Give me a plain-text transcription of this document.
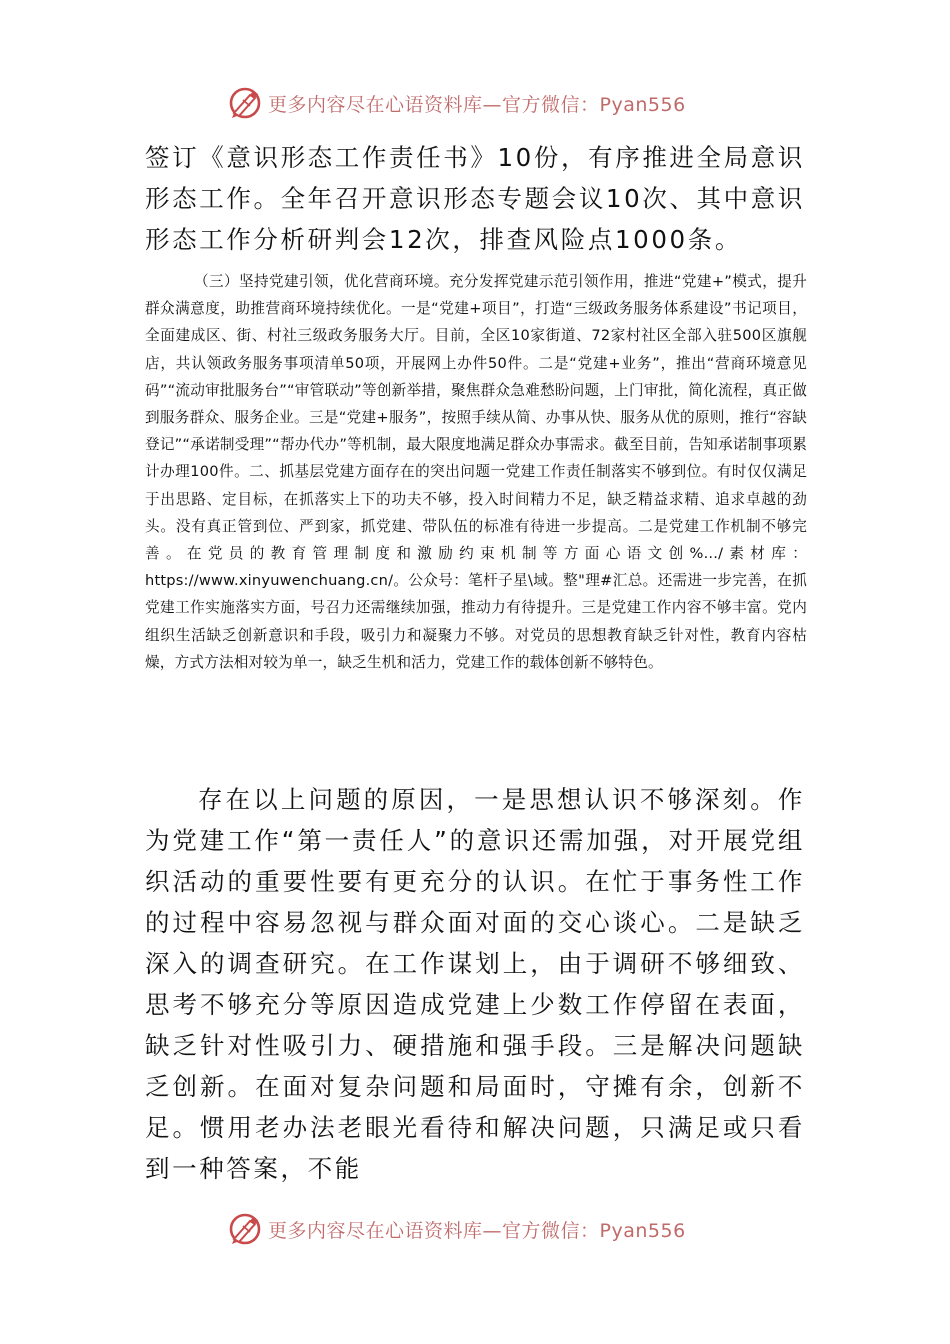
更多内容尽在心语资料库—官方微信：Pyan556

签订《意识形态工作责任书》10份，有序推进全局意识形态工作。全年召开意识形态专题会议10次、其中意识形态工作分析研判会12次，排查风险点1000条。

（三）坚持党建引领，优化营商环境。充分发挥党建示范引领作用，推进“党建+”模式，提升群众满意度，助推营商环境持续优化。一是“党建+项目”，打造“三级政务服务体系建设”书记项目，全面建成区、街、村社三级政务服务大厅。目前，全区10家街道、72家村社区全部入驻500区旗舰店，共认领政务服务事项清单50项，开展网上办件50件。二是“党建+业务”，推出“营商环境意见码”“流动审批服务台”“审管联动”等创新举措，聚焦群众急难愁盼问题，上门审批，简化流程，真正做到服务群众、服务企业。三是“党建+服务”，按照手续从简、办事从快、服务从优的原则，推行“容缺登记”“承诺制受理”“帮办代办”等机制，最大限度地满足群众办事需求。截至目前，告知承诺制事项累计办理100件。二、抓基层党建方面存在的突出问题一党建工作责任制落实不够到位。有时仅仅满足于出思路、定目标，在抓落实上下的功夫不够，投入时间精力不足，缺乏精益求精、追求卓越的劲头。没有真正管到位、严到家，抓党建、带队伍的标准有待进一步提高。二是党建工作机制不够完善。在党员的教育管理制度和激励约束机制等方面心语文创%.../素材库：https://www.xinyuwenchuang.cn/。公众号：笔杆子星\域。整"理#汇总。还需进一步完善，在抓党建工作实施落实方面，号召力还需继续加强，推动力有待提升。三是党建工作内容不够丰富。党内组织生活缺乏创新意识和手段，吸引力和凝聚力不够。对党员的思想教育缺乏针对性，教育内容枯燥，方式方法相对较为单一，缺乏生机和活力，党建工作的载体创新不够特色。

存在以上问题的原因，一是思想认识不够深刻。作为党建工作“第一责任人”的意识还需加强，对开展党组织活动的重要性要有更充分的认识。在忙于事务性工作的过程中容易忽视与群众面对面的交心谈心。二是缺乏深入的调查研究。在工作谋划上，由于调研不够细致、思考不够充分等原因造成党建上少数工作停留在表面，缺乏针对性吸引力、硬措施和强手段。三是解决问题缺乏创新。在面对复杂问题和局面时，守摊有余，创新不足。惯用老办法老眼光看待和解决问题，只满足或只看到一种答案，不能

更多内容尽在心语资料库—官方微信：Pyan556
